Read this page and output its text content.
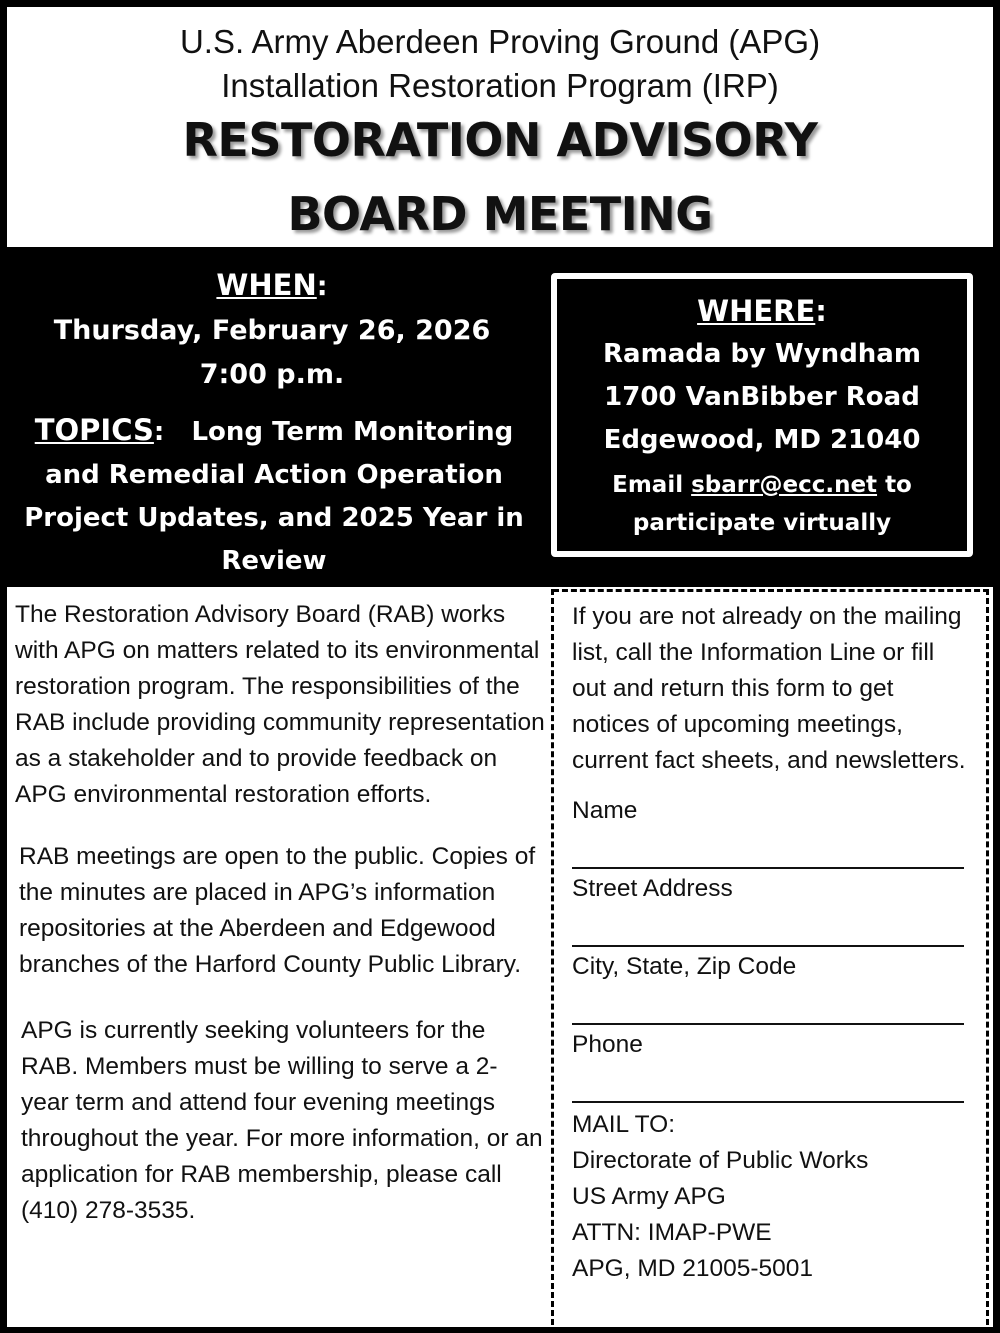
U.S. Army Aberdeen Proving Ground (APG)
Installation Restoration Program (IRP)
RESTORATION ADVISORY
BOARD MEETING
WHEN:
Thursday, February 26, 2026
7:00 p.m.
TOPICS: Long Term Monitoring and Remedial Action Operation Project Updates, and 2025 Year in Review
WHERE:
Ramada by Wyndham
1700 VanBibber Road
Edgewood, MD 21040
Email sbarr@ecc.net to participate virtually

The Restoration Advisory Board (RAB) works with APG on matters related to its environmental restoration program. The responsibilities of the RAB include providing community representation as a stakeholder and to provide feedback on APG environmental restoration efforts.

RAB meetings are open to the public. Copies of the minutes are placed in APG’s information repositories at the Aberdeen and Edgewood branches of the Harford County Public Library.

APG is currently seeking volunteers for the RAB. Members must be willing to serve a 2-year term and attend four evening meetings throughout the year. For more information, or an application for RAB membership, please call (410) 278-3535.

If you are not already on the mailing list, call the Information Line or fill out and return this form to get notices of upcoming meetings, current fact sheets, and newsletters.

Name
Street Address
City, State, Zip Code
Phone
MAIL TO:
Directorate of Public Works
US Army APG
ATTN: IMAP-PWE
APG, MD 21005-5001
